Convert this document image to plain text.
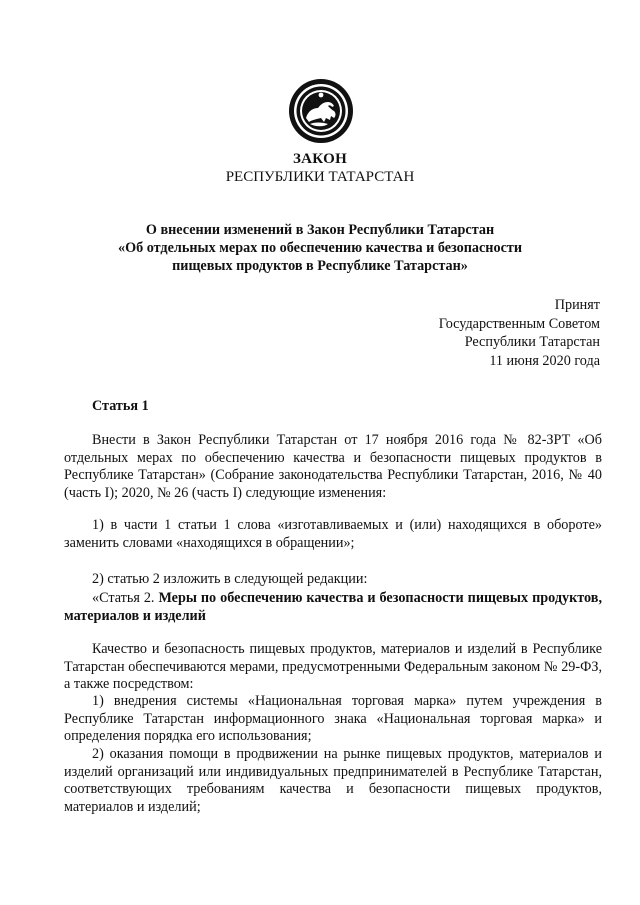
ЗАКОН
РЕСПУБЛИКИ ТАТАРСТАН
О внесении изменений в Закон Республики Татарстан
«Об отдельных мерах по обеспечению качества и безопасности
пищевых продуктов в Республике Татарстан»
Принят
Государственным Советом
Республики Татарстан
11 июня 2020 года
Статья 1

Внести в Закон Республики Татарстан от 17 ноября 2016 года № 82-ЗРТ «Об отдельных мерах по обеспечению качества и безопасности пищевых продуктов в Республике Татарстан» (Собрание законодательства Республики Татарстан, 2016, № 40 (часть I); 2020, № 26 (часть I) следующие изменения:

1) в части 1 статьи 1 слова «изготавливаемых и (или) находящихся в обороте» заменить словами «находящихся в обращении»;

2) статью 2 изложить в следующей редакции:

«Статья 2. Меры по обеспечению качества и безопасности пищевых продуктов, материалов и изделий

Качество и безопасность пищевых продуктов, материалов и изделий в Республике Татарстан обеспечиваются мерами, предусмотренными Федеральным законом № 29-ФЗ, а также посредством:

1) внедрения системы «Национальная торговая марка» путем учреждения в Республике Татарстан информационного знака «Национальная торговая марка» и определения порядка его использования;

2) оказания помощи в продвижении на рынке пищевых продуктов, материалов и изделий организаций или индивидуальных предпринимателей в Республике Татарстан, соответствующих требованиям качества и безопасности пищевых продуктов, материалов и изделий;
